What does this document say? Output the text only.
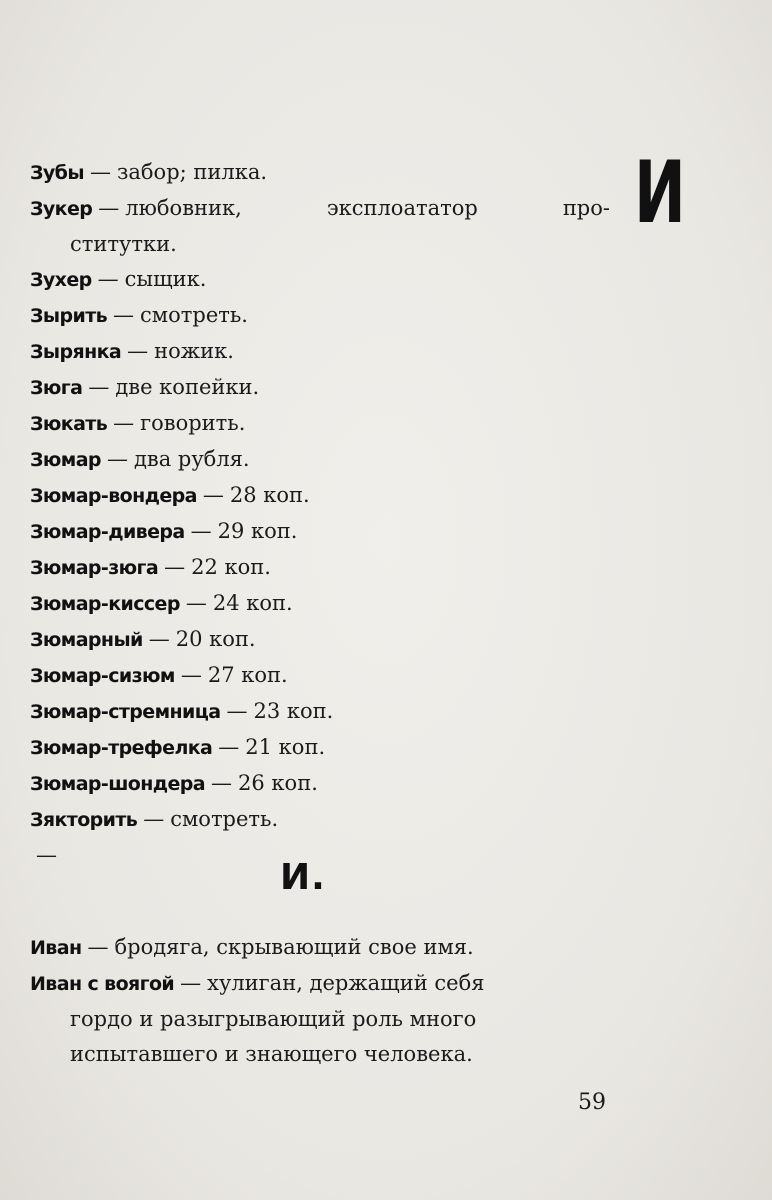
И

Зубы — забор; пилка.

Зукер — любовник,	эксплоататор	про-
ститутки.

Зухер — сыщик.

Зырить — смотреть.

Зырянка — ножик.

Зюга — две копейки.

Зюкать — говорить.

Зюмар — два рубля.

Зюмар-вондера — 28 коп.

Зюмар-дивера — 29 коп.

Зюмар-зюга — 22 коп.

Зюмар-киссер — 24 коп.

Зюмарный — 20 коп.

Зюмар-сизюм — 27 коп.

Зюмар-стремница — 23 коп.

Зюмар-трефелка — 21 коп.

Зюмар-шондера — 26 коп.

Зякторить — смотреть.

—

И.

Иван — бродяга, скрывающий свое имя.

Иван с воягой — хулиган, держащий себя
гордо и разыгрывающий роль много
испытавшего и знающего человека.
59
